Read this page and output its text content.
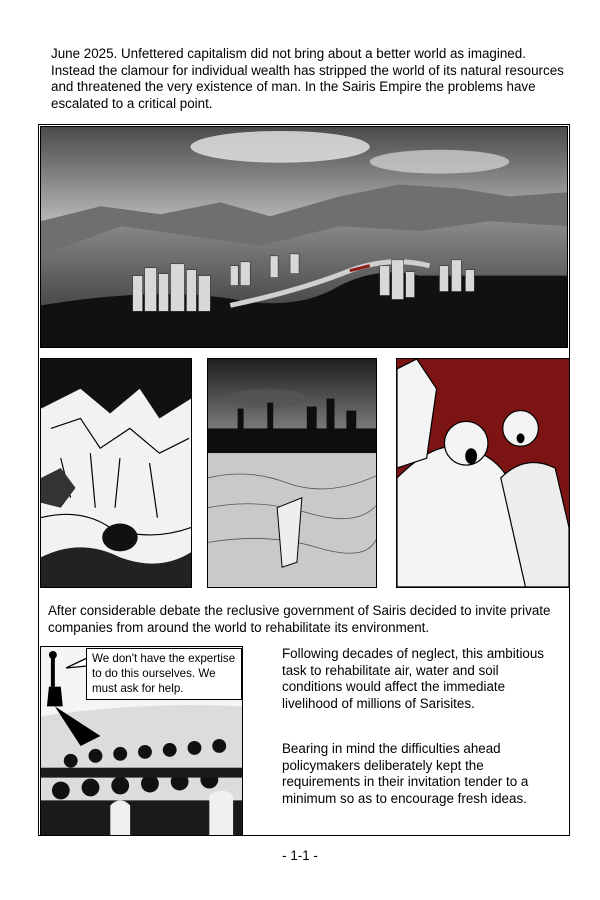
June 2025. Unfettered capitalism did not bring about a better world as imagined. Instead the clamour for individual wealth has stripped the world of its natural resources and threatened the very existence of man. In the Sairis Empire the problems have escalated to a critical point.

After considerable debate the reclusive government of Sairis decided to invite private companies from around the world to rehabilitate its environment.

We don't have the expertise to do this ourselves. We must ask for help.

Following decades of neglect, this ambitious task to rehabilitate air, water and soil conditions would affect the immediate livelihood of millions of Sarisites.

Bearing in mind the difficulties ahead policymakers deliberately kept the requirements in their invitation tender to a minimum so as to encourage fresh ideas.

- 1-1 -
